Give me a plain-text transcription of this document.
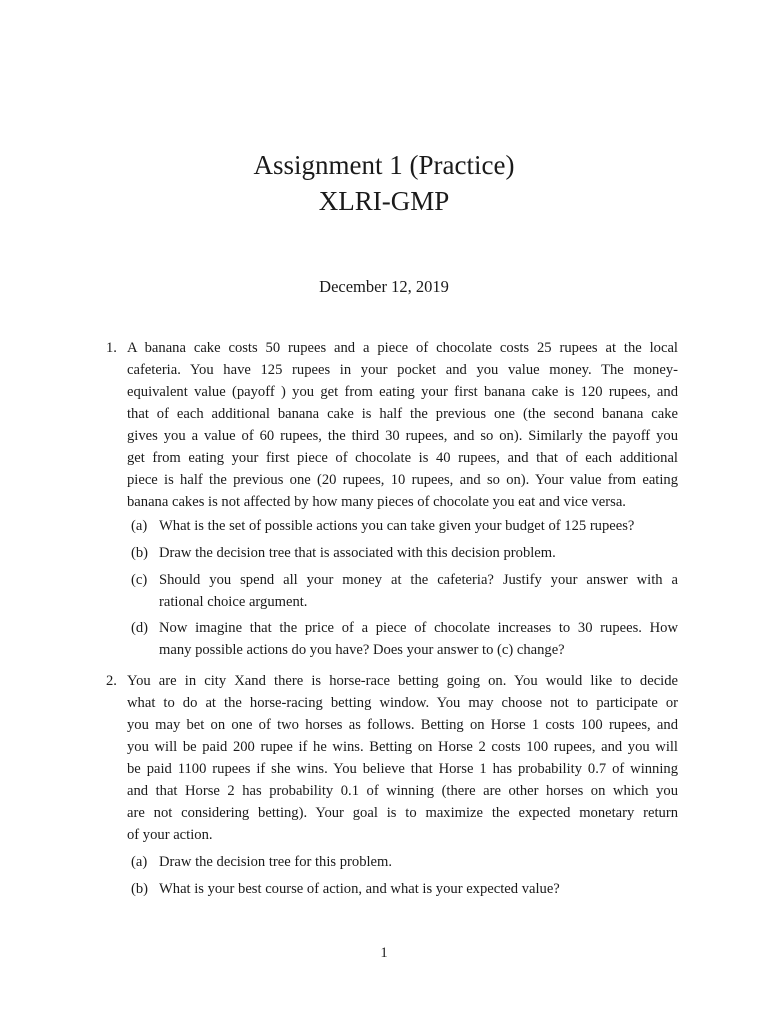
Assignment 1 (Practice)
XLRI-GMP
December 12, 2019
1. A banana cake costs 50 rupees and a piece of chocolate costs 25 rupees at the local
cafeteria. You have 125 rupees in your pocket and you value money. The money-
equivalent value (payoff ) you get from eating your first banana cake is 120 rupees, and
that of each additional banana cake is half the previous one (the second banana cake
gives you a value of 60 rupees, the third 30 rupees, and so on). Similarly the payoff you
get from eating your first piece of chocolate is 40 rupees, and that of each additional
piece is half the previous one (20 rupees, 10 rupees, and so on). Your value from eating
banana cakes is not affected by how many pieces of chocolate you eat and vice versa.
(a) What is the set of possible actions you can take given your budget of 125 rupees?
(b) Draw the decision tree that is associated with this decision problem.
(c) Should you spend all your money at the cafeteria? Justify your answer with a
rational choice argument.
(d) Now imagine that the price of a piece of chocolate increases to 30 rupees. How
many possible actions do you have? Does your answer to (c) change?
2. You are in city Xand there is horse-race betting going on. You would like to decide
what to do at the horse-racing betting window. You may choose not to participate or
you may bet on one of two horses as follows. Betting on Horse 1 costs 100 rupees, and
you will be paid 200 rupee if he wins. Betting on Horse 2 costs 100 rupees, and you will
be paid 1100 rupees if she wins. You believe that Horse 1 has probability 0.7 of winning
and that Horse 2 has probability 0.1 of winning (there are other horses on which you
are not considering betting). Your goal is to maximize the expected monetary return
of your action.
(a) Draw the decision tree for this problem.
(b) What is your best course of action, and what is your expected value?
1
